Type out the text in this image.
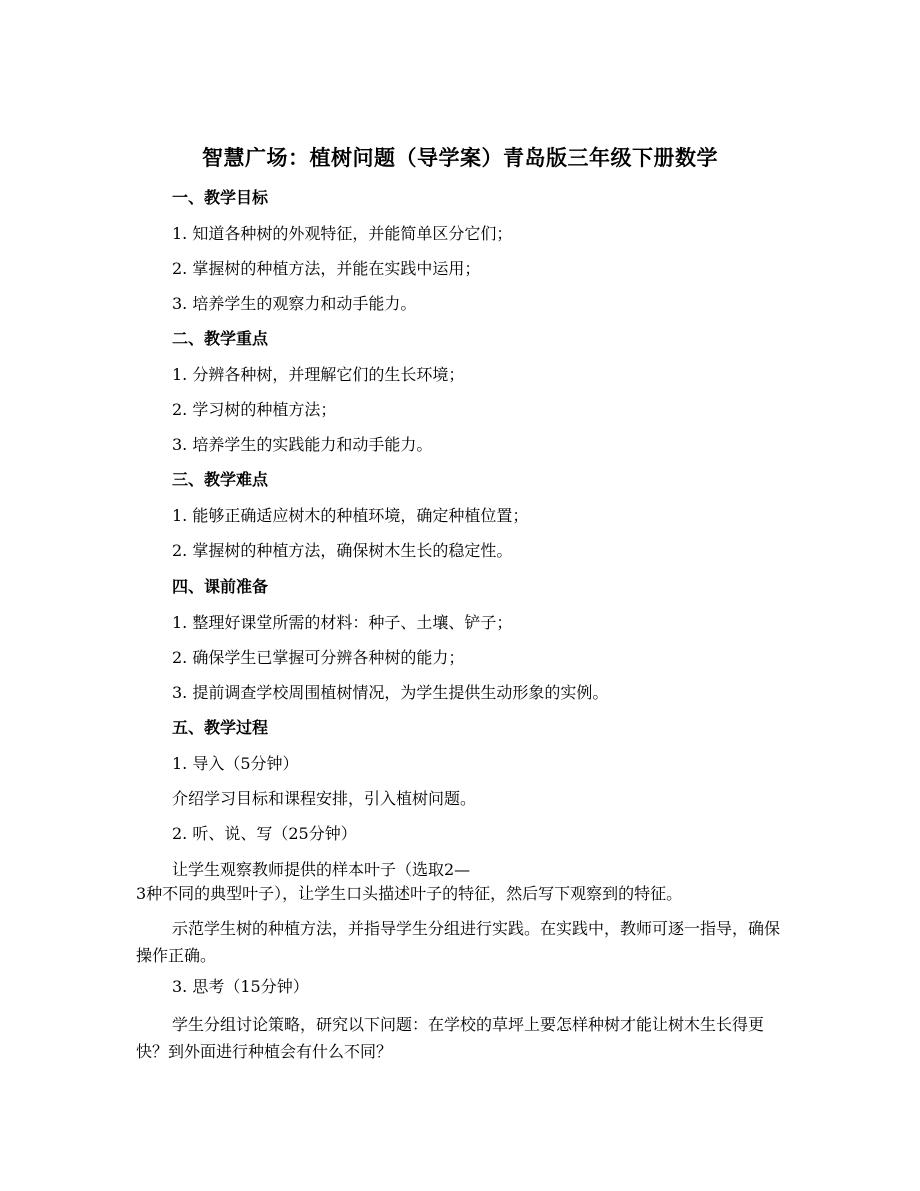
智慧广场：植树问题（导学案）青岛版三年级下册数学
一、教学目标
1. 知道各种树的外观特征，并能简单区分它们；
2. 掌握树的种植方法，并能在实践中运用；
3. 培养学生的观察力和动手能力。
二、教学重点
1. 分辨各种树，并理解它们的生长环境；
2. 学习树的种植方法；
3. 培养学生的实践能力和动手能力。
三、教学难点
1. 能够正确适应树木的种植环境，确定种植位置；
2. 掌握树的种植方法，确保树木生长的稳定性。
四、课前准备
1. 整理好课堂所需的材料：种子、土壤、铲子；
2. 确保学生已掌握可分辨各种树的能力；
3. 提前调查学校周围植树情况，为学生提供生动形象的实例。
五、教学过程
1. 导入（5分钟）
介绍学习目标和课程安排，引入植树问题。
2. 听、说、写（25分钟）
让学生观察教师提供的样本叶子（选取2—
3种不同的典型叶子），让学生口头描述叶子的特征，然后写下观察到的特征。
示范学生树的种植方法，并指导学生分组进行实践。在实践中，教师可逐一指导，确保操作正确。
3. 思考（15分钟）
学生分组讨论策略，研究以下问题：在学校的草坪上要怎样种树才能让树木生长得更快？到外面进行种植会有什么不同？
